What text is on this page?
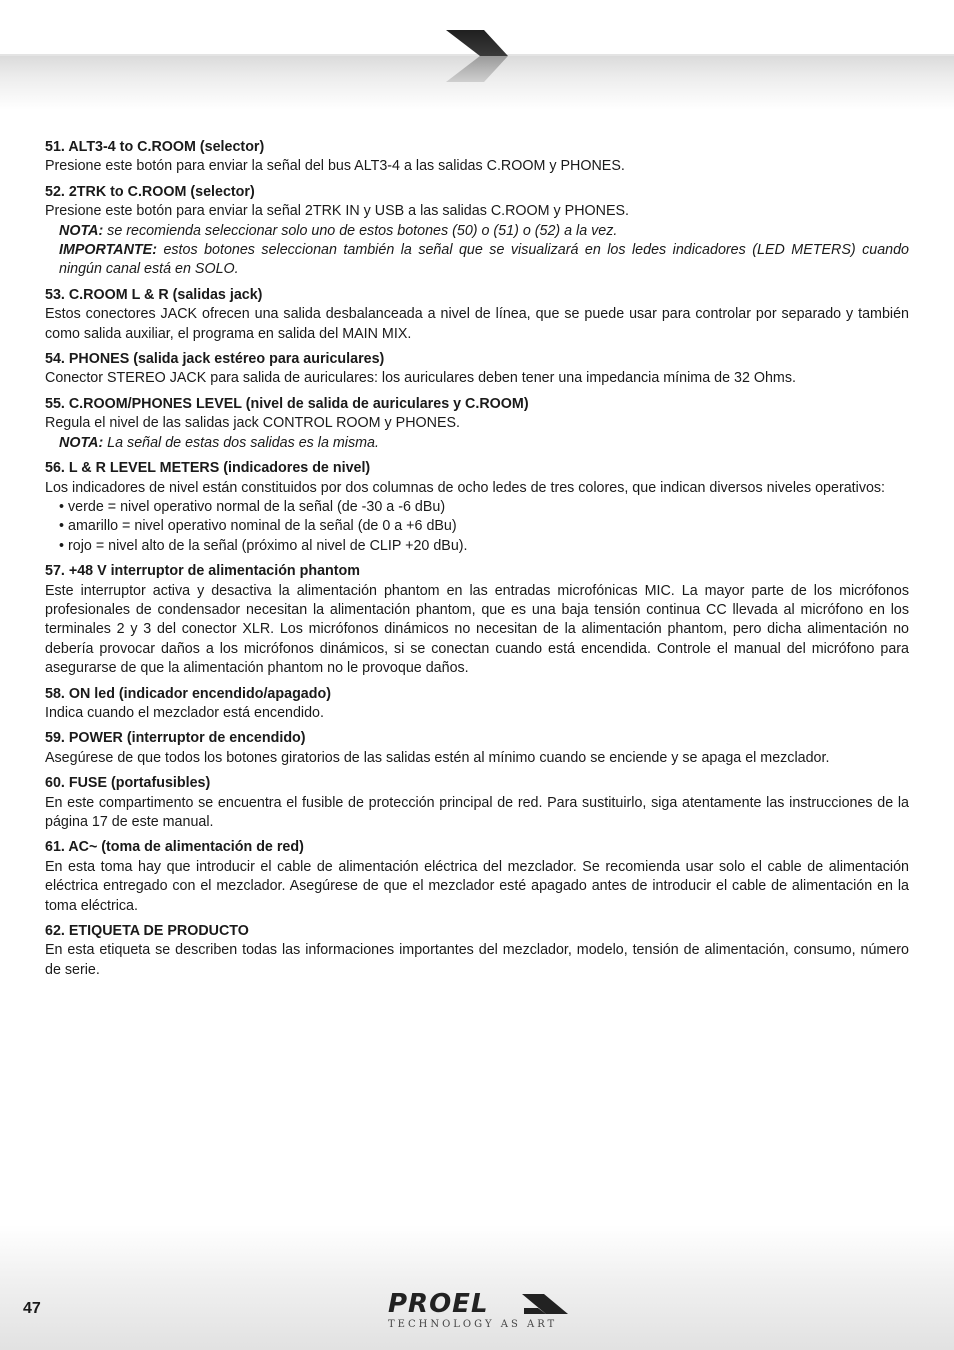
51. ALT3-4 to C.ROOM (selector)
Presione este botón para enviar la señal del bus ALT3-4 a las salidas C.ROOM y PHONES.
52. 2TRK to C.ROOM (selector)
Presione este botón para enviar la señal 2TRK IN y USB a las salidas C.ROOM y PHONES.
NOTA: se recomienda seleccionar solo uno de estos botones (50) o (51) o (52) a la vez.
IMPORTANTE: estos botones seleccionan también la señal que se visualizará en los ledes indicadores (LED METERS) cuando ningún canal está en SOLO.
53. C.ROOM L & R (salidas jack)
Estos conectores JACK ofrecen una salida desbalanceada a nivel de línea, que se puede usar para controlar por separado y también como salida auxiliar, el programa en salida del MAIN MIX.
54. PHONES (salida jack estéreo para auriculares)
Conector STEREO JACK para salida de auriculares: los auriculares deben tener una impedancia mínima de 32 Ohms.
55. C.ROOM/PHONES LEVEL (nivel de salida de auriculares y C.ROOM)
Regula el nivel de las salidas jack CONTROL ROOM y PHONES.
NOTA: La señal de estas dos salidas es la misma.
56. L & R LEVEL METERS (indicadores de nivel)
Los indicadores de nivel están constituidos por dos columnas de ocho ledes de tres colores, que indican diversos niveles operativos:
• verde = nivel operativo normal de la señal (de -30 a -6 dBu)
• amarillo = nivel operativo nominal de la señal (de 0 a +6 dBu)
• rojo = nivel alto de la señal (próximo al nivel de CLIP +20 dBu).
57. +48 V interruptor de alimentación phantom
Este interruptor activa y desactiva la alimentación phantom en las entradas microfónicas MIC. La mayor parte de los micrófonos profesionales de condensador necesitan la alimentación phantom, que es una baja tensión continua CC llevada al micrófono en los terminales 2 y 3 del conector XLR. Los micrófonos dinámicos no necesitan de la alimentación phantom, pero dicha alimentación no debería provocar daños a los micrófonos dinámicos, si se conectan cuando está encendida. Controle el manual del micrófono para asegurarse de que la alimentación phantom no le provoque daños.
58. ON led (indicador encendido/apagado)
Indica cuando el mezclador está encendido.
59. POWER (interruptor de encendido)
Asegúrese de que todos los botones giratorios de las salidas estén al mínimo cuando se enciende y se apaga el mezclador.
60. FUSE (portafusibles)
En este compartimento se encuentra el fusible de protección principal de red. Para sustituirlo, siga atentamente las instrucciones de la página 17 de este manual.
61. AC~ (toma de alimentación de red)
En esta toma hay que introducir el cable de alimentación eléctrica del mezclador. Se recomienda usar solo el cable de alimentación eléctrica entregado con el mezclador. Asegúrese de que el mezclador esté apagado antes de introducir el cable de alimentación en la toma eléctrica.
62. ETIQUETA DE PRODUCTO
En esta etiqueta se describen todas las informaciones importantes del mezclador, modelo, tensión de alimentación, consumo, número de serie.
47	PROEL
TECHNOLOGY AS ART
